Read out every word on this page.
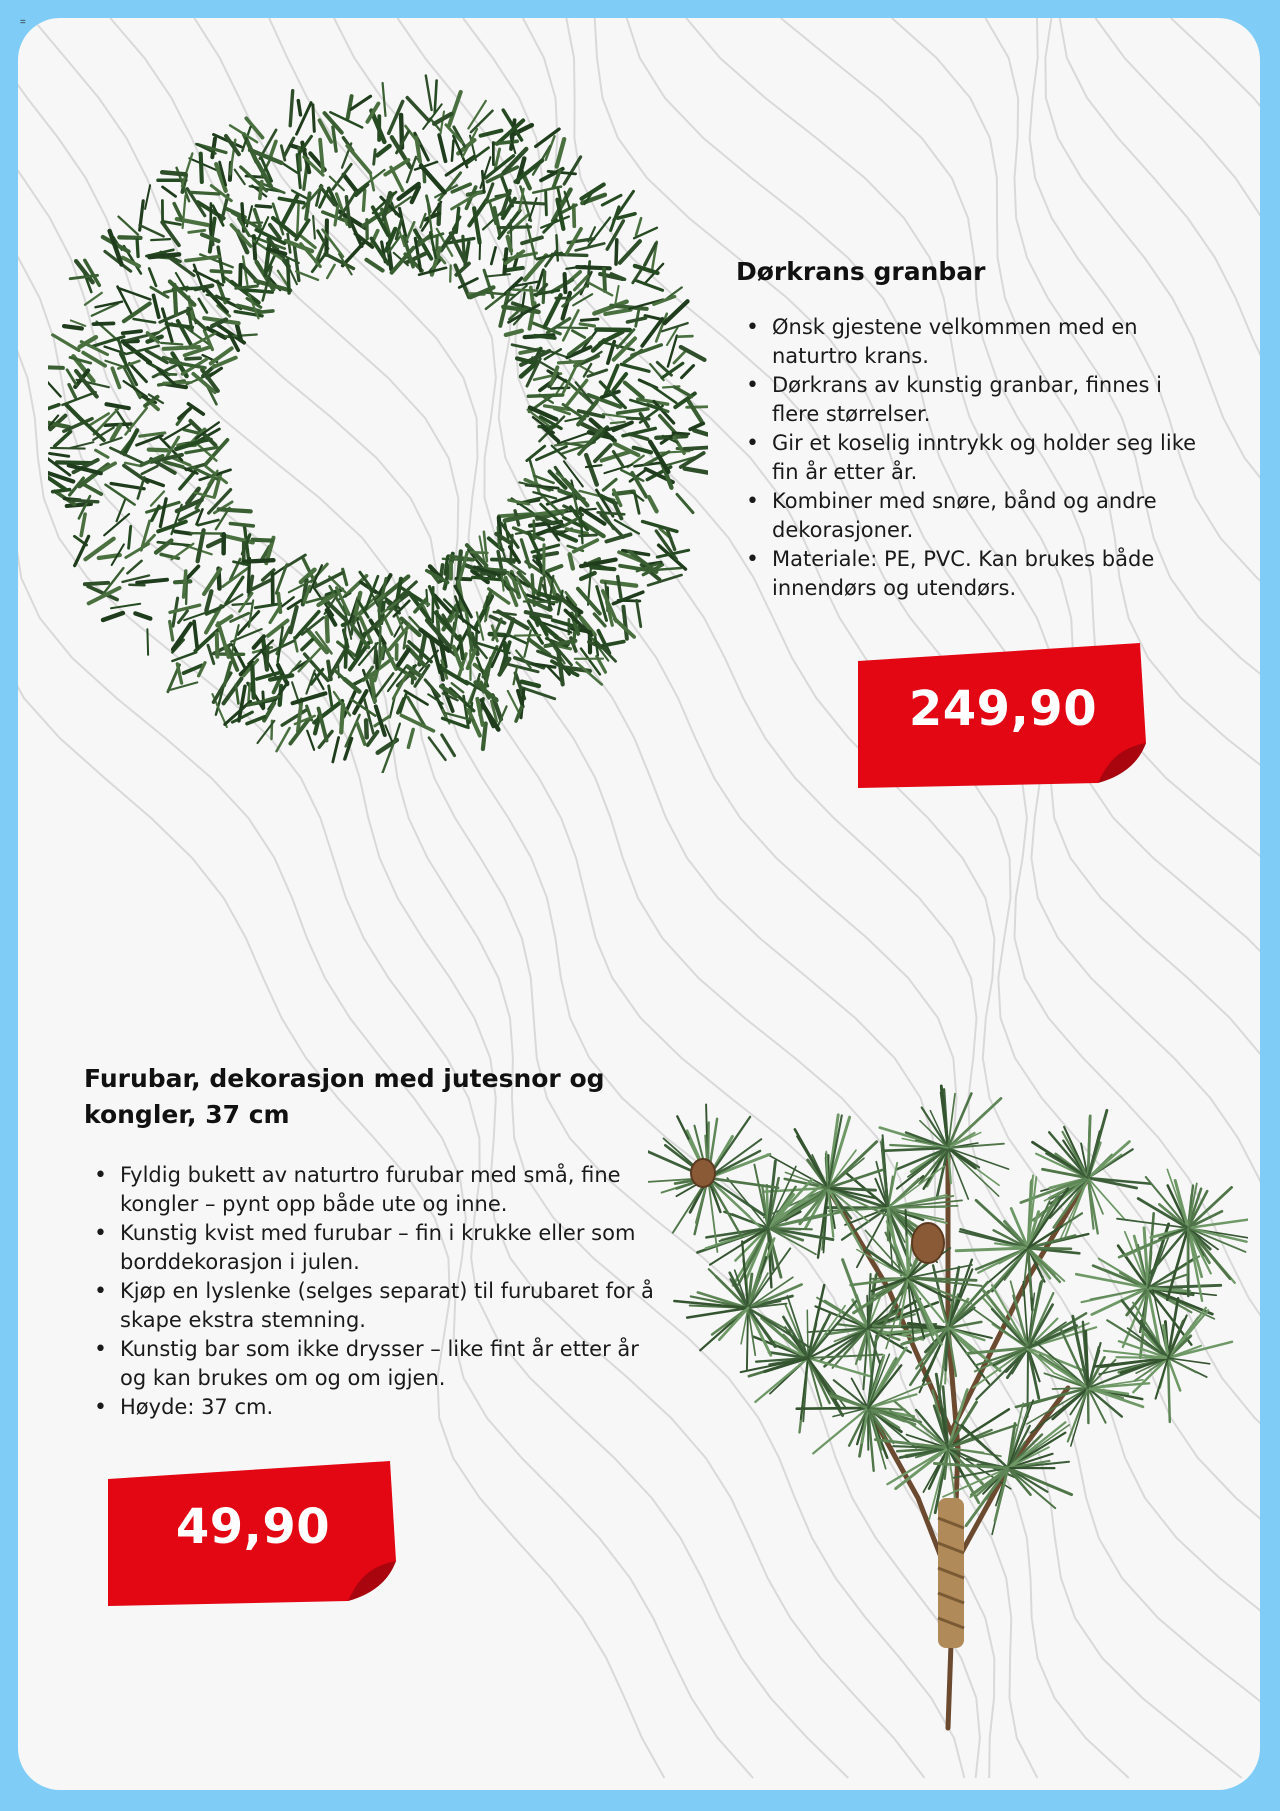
=
Dørkrans granbar
• Ønsk gjestene velkommen med en naturtro krans.
• Dørkrans av kunstig granbar, finnes i flere størrelser.
• Gir et koselig inntrykk og holder seg like fin år etter år.
• Kombiner med snøre, bånd og andre dekorasjoner.
• Materiale: PE, PVC. Kan brukes både innendørs og utendørs.
249,90
Furubar, dekorasjon med jutesnor og kongler, 37 cm
• Fyldig bukett av naturtro furubar med små, fine kongler – pynt opp både ute og inne.
• Kunstig kvist med furubar – fin i krukke eller som borddekorasjon i julen.
• Kjøp en lyslenke (selges separat) til furubaret for å skape ekstra stemning.
• Kunstig bar som ikke drysser – like fint år etter år og kan brukes om og om igjen.
• Høyde: 37 cm.
49,90
